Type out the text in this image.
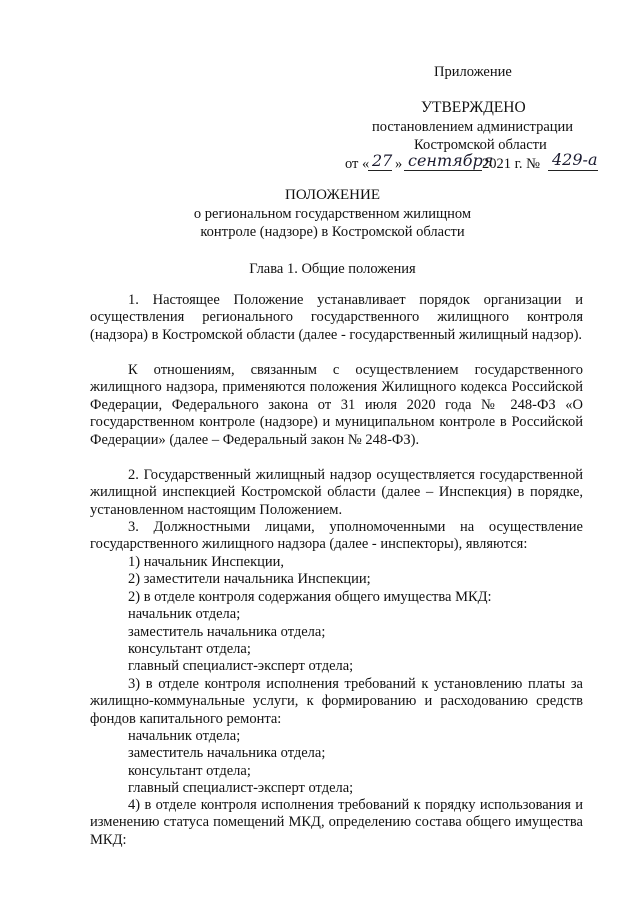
Приложение
УТВЕРЖДЕНО
постановлением администрации
Костромской области
от « 27 » сентября
2021 г. № 429-а
ПОЛОЖЕНИЕ
о региональном государственном жилищном
контроле (надзоре) в Костромской области
Глава 1. Общие положения
1. Настоящее Положение устанавливает порядок организации и осуществления регионального государственного жилищного контроля (надзора) в Костромской области (далее - государственный жилищный надзор).
К отношениям, связанным с осуществлением государственного жилищного надзора, применяются положения Жилищного кодекса Российской Федерации, Федерального закона от 31 июля 2020 года № 248-ФЗ «О государственном контроле (надзоре) и муниципальном контроле в Российской Федерации» (далее – Федеральный закон № 248-ФЗ).
2. Государственный жилищный надзор осуществляется государственной жилищной инспекцией Костромской области (далее – Инспекция) в порядке, установленном настоящим Положением.
3. Должностными лицами, уполномоченными на осуществление государственного жилищного надзора (далее - инспекторы), являются:
1) начальник Инспекции,
2) заместители начальника Инспекции;
2) в отделе контроля содержания общего имущества МКД:
начальник отдела;
заместитель начальника отдела;
консультант отдела;
главный специалист-эксперт отдела;
3) в отделе контроля исполнения требований к установлению платы за жилищно-коммунальные услуги, к формированию и расходованию средств фондов капитального ремонта:
начальник отдела;
заместитель начальника отдела;
консультант отдела;
главный специалист-эксперт отдела;
4) в отделе контроля исполнения требований к порядку использования и изменению статуса помещений МКД, определению состава общего имущества МКД:
